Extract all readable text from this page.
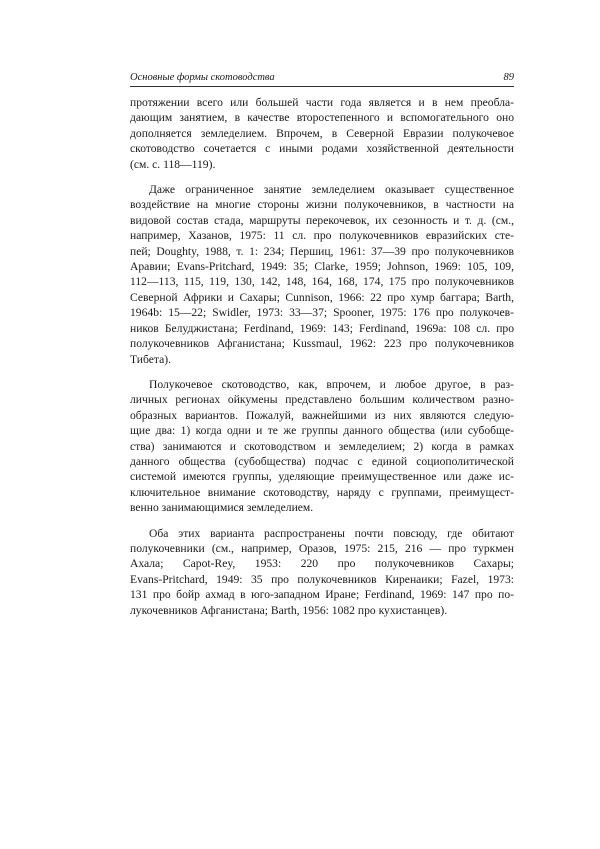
Основные формы скотоводства	89

протяжении всего или большей части года является и в нем преобла-
дающим занятием, в качестве второстепенного и вспомогательного оно
дополняется земледелием. Впрочем, в Северной Евразии полукочевое
скотоводство сочетается с иными родами хозяйственной деятельности
(см. с. 118—119).

Даже ограниченное занятие земледелием оказывает существенное
воздействие на многие стороны жизни полукочевников, в частности на
видовой состав стада, маршруты перекочевок, их сезонность и т. д. (см.,
например, Хазанов, 1975: 11 сл. про полукочевников евразийских сте-
пей; Doughty, 1988, т. 1: 234; Першиц, 1961: 37—39 про полукочевников
Аравии; Evans-Pritchard, 1949: 35; Clarke, 1959; Johnson, 1969: 105, 109,
112—113, 115, 119, 130, 142, 148, 164, 168, 174, 175 про полукочевников
Северной Африки и Сахары; Cunnison, 1966: 22 про хумр баггара; Barth,
1964b: 15—22; Swidler, 1973: 33—37; Spooner, 1975: 176 про полукочев-
ников Белуджистана; Ferdinand, 1969: 143; Ferdinand, 1969a: 108 сл. про
полукочевников Афганистана; Kussmaul, 1962: 223 про полукочевников
Тибета).

Полукочевое скотоводство, как, впрочем, и любое другое, в раз-
личных регионах ойкумены представлено большим количеством разно-
образных вариантов. Пожалуй, важнейшими из них являются следую-
щие два: 1) когда одни и те же группы данного общества (или субобще-
ства) занимаются и скотоводством и земледелием; 2) когда в рамках
данного общества (субобщества) подчас с единой социополитической
системой имеются группы, уделяющие преимущественное или даже ис-
ключительное внимание скотоводству, наряду с группами, преимущест-
венно занимающимися земледелием.

Оба этих варианта распространены почти повсюду, где обитают
полукочевники (см., например, Оразов, 1975: 215, 216 — про туркмен
Ахала; Capot-Rey, 1953: 220 про полукочевников Сахары;
Evans-Pritchard, 1949: 35 про полукочевников Киренаики; Fazel, 1973:
131 про бойр ахмад в юго-западном Иране; Ferdinand, 1969: 147 про по-
лукочевников Афганистана; Barth, 1956: 1082 про кухистанцев).
